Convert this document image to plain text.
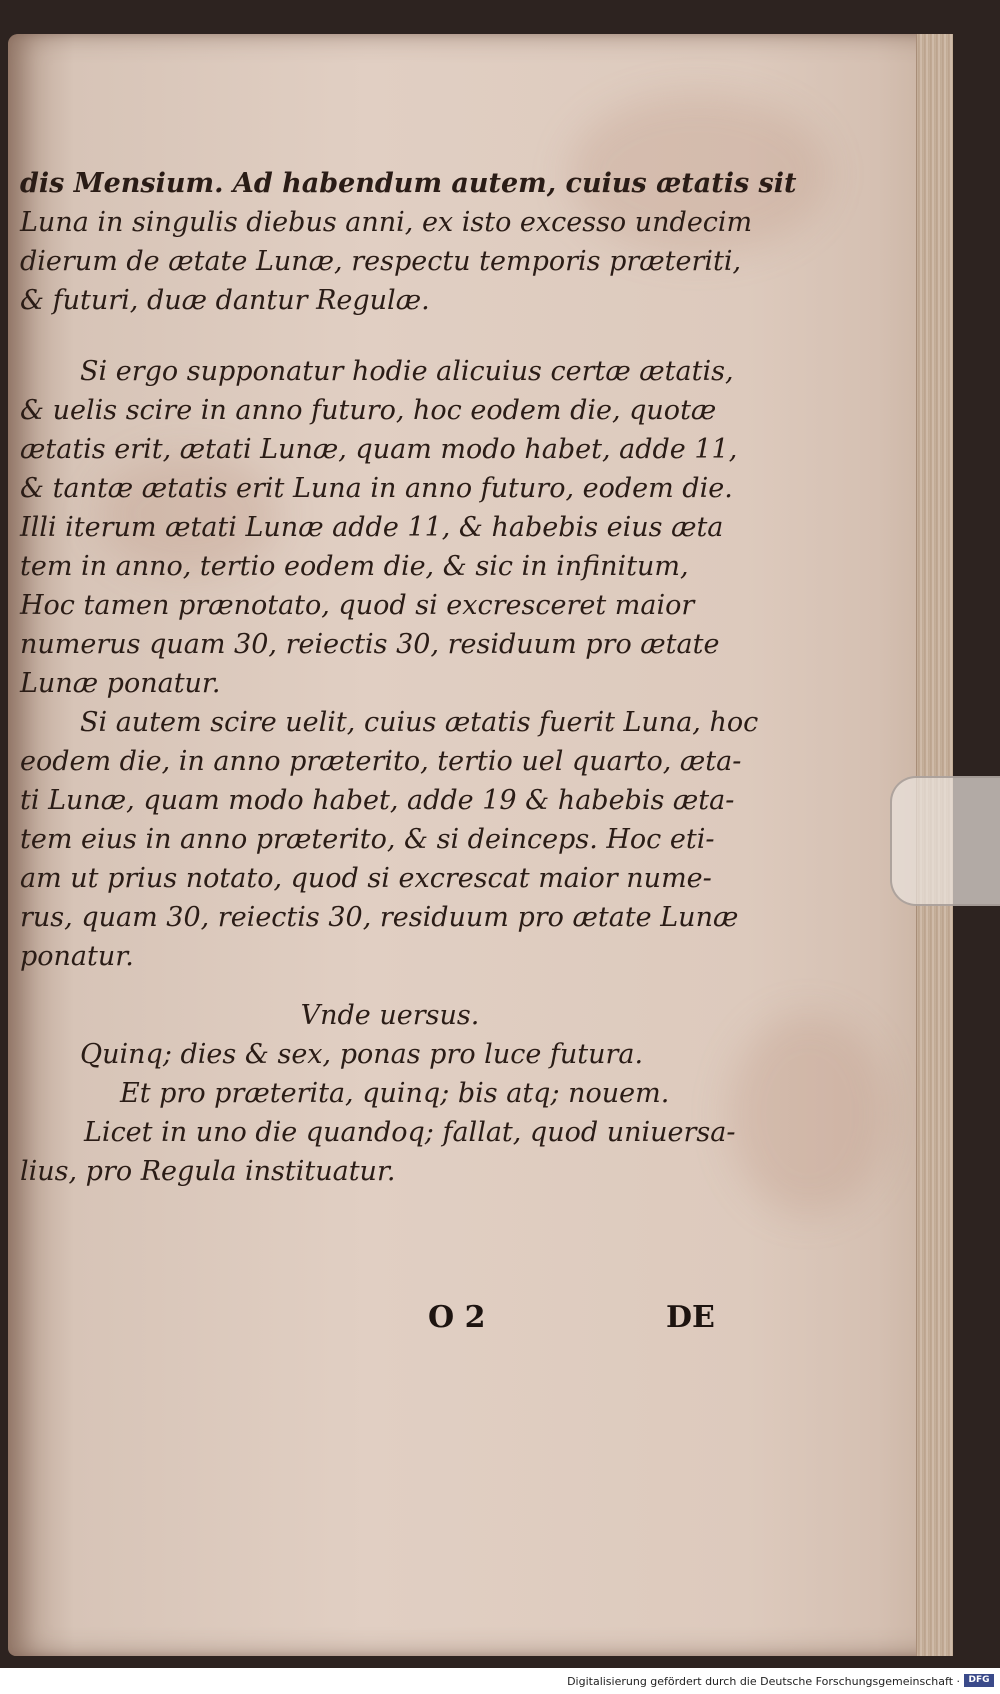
dis Mensium. Ad habendum autem, cuius ætatis sit

Luna in singulis diebus anni, ex isto excesso undecim

dierum de ætate Lunæ, respectu temporis præteriti,

& futuri, duæ dantur Regulæ.

Si ergo supponatur hodie alicuius certæ ætatis,

& uelis scire in anno futuro, hoc eodem die, quotæ

ætatis erit, ætati Lunæ, quam modo habet, adde 11,

& tantæ ætatis erit Luna in anno futuro, eodem die.

Illi iterum ætati Lunæ adde 11, & habebis eius æta

tem in anno, tertio eodem die, & sic in infinitum,

Hoc tamen prænotato, quod si excresceret maior

numerus quam 30, reiectis 30, residuum pro ætate

Lunæ ponatur.

Si autem scire uelit, cuius ætatis fuerit Luna, hoc

eodem die, in anno præterito, tertio uel quarto, æta-

ti Lunæ, quam modo habet, adde 19 & habebis æta-

tem eius in anno præterito, & si deinceps. Hoc eti-

am ut prius notato, quod si excrescat maior nume-

rus, quam 30, reiectis 30, residuum pro ætate Lunæ

ponatur.

Vnde uersus.

Quinq; dies & sex, ponas pro luce futura.

Et pro præterita, quinq; bis atq; nouem.

Licet in uno die quandoq; fallat, quod uniuersa-

lius, pro Regula instituatur.

O 2	DE
Digitalisierung gefördert durch die Deutsche Forschungsgemeinschaft · DFG
